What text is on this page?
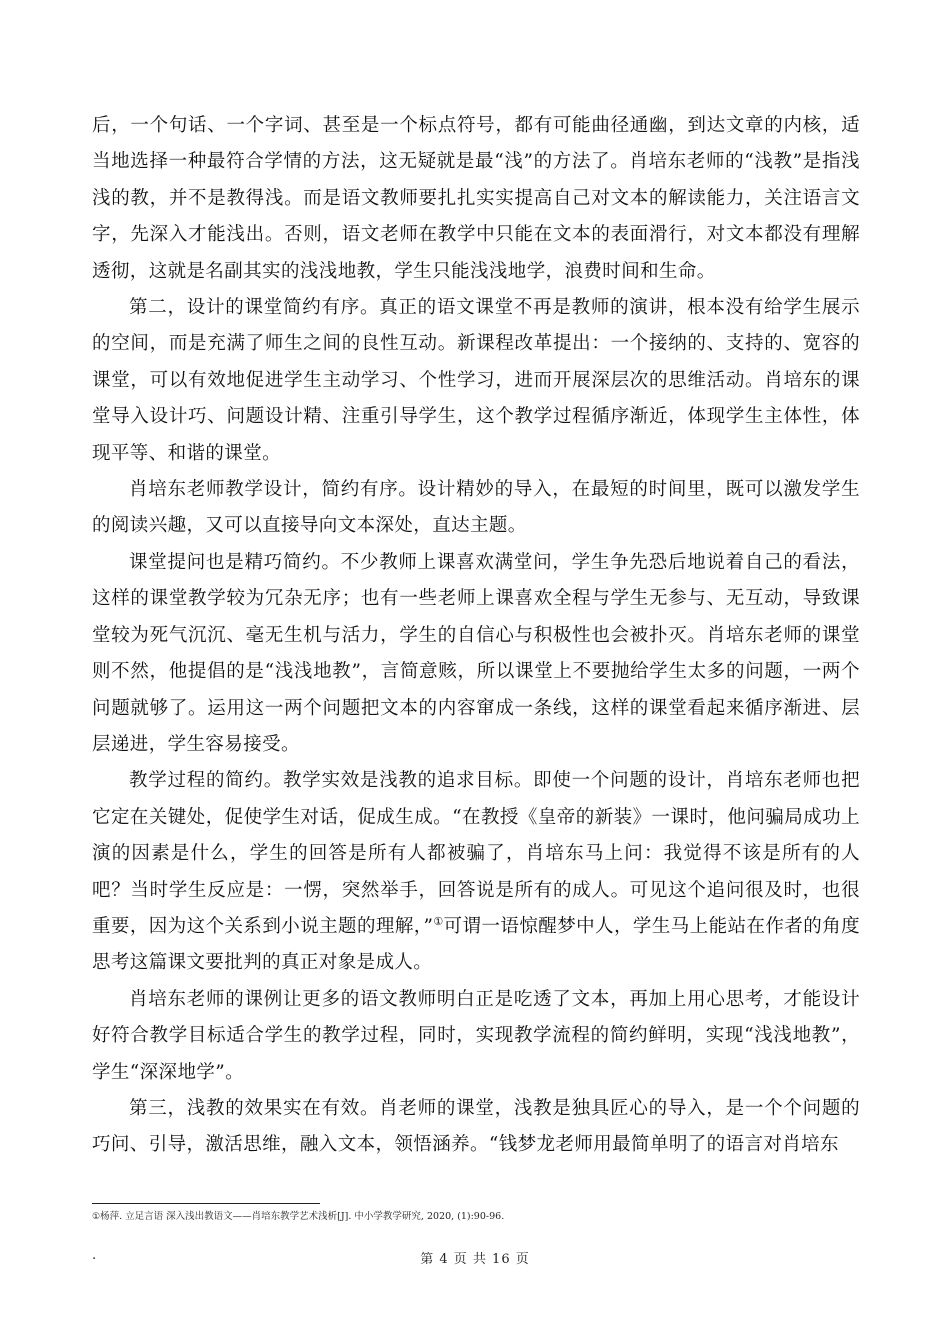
后，一个句话、一个字词、甚至是一个标点符号，都有可能曲径通幽，到达文章的内核，适当地选择一种最符合学情的方法，这无疑就是最“浅”的方法了。肖培东老师的“浅教”是指浅浅的教，并不是教得浅。而是语文教师要扎扎实实提高自己对文本的解读能力，关注语言文字，先深入才能浅出。否则，语文老师在教学中只能在文本的表面滑行，对文本都没有理解透彻，这就是名副其实的浅浅地教，学生只能浅浅地学，浪费时间和生命。

第二，设计的课堂简约有序。真正的语文课堂不再是教师的演讲，根本没有给学生展示的空间，而是充满了师生之间的良性互动。新课程改革提出：一个接纳的、支持的、宽容的课堂，可以有效地促进学生主动学习、个性学习，进而开展深层次的思维活动。肖培东的课堂导入设计巧、问题设计精、注重引导学生，这个教学过程循序渐近，体现学生主体性，体现平等、和谐的课堂。

肖培东老师教学设计，简约有序。设计精妙的导入，在最短的时间里，既可以激发学生的阅读兴趣，又可以直接导向文本深处，直达主题。

课堂提问也是精巧简约。不少教师上课喜欢满堂问，学生争先恐后地说着自己的看法，这样的课堂教学较为冗杂无序；也有一些老师上课喜欢全程与学生无参与、无互动，导致课堂较为死气沉沉、毫无生机与活力，学生的自信心与积极性也会被扑灭。肖培东老师的课堂则不然，他提倡的是“浅浅地教”，言简意赅，所以课堂上不要抛给学生太多的问题，一两个问题就够了。运用这一两个问题把文本的内容窜成一条线，这样的课堂看起来循序渐进、层层递进，学生容易接受。

教学过程的简约。教学实效是浅教的追求目标。即使一个问题的设计，肖培东老师也把它定在关键处，促使学生对话，促成生成。“在教授《皇帝的新装》一课时，他问骗局成功上演的因素是什么，学生的回答是所有人都被骗了，肖培东马上问：我觉得不该是所有的人吧？当时学生反应是：一愣，突然举手，回答说是所有的成人。可见这个追问很及时，也很重要，因为这个关系到小说主题的理解，”①可谓一语惊醒梦中人，学生马上能站在作者的角度思考这篇课文要批判的真正对象是成人。

肖培东老师的课例让更多的语文教师明白正是吃透了文本，再加上用心思考，才能设计好符合教学目标适合学生的教学过程，同时，实现教学流程的简约鲜明，实现“浅浅地教”，学生“深深地学”。

第三，浅教的效果实在有效。肖老师的课堂，浅教是独具匠心的导入，是一个个问题的巧问、引导，激活思维，融入文本，领悟涵养。“钱梦龙老师用最简单明了的语言对肖培东

①杨萍. 立足言语 深入浅出教语文——肖培东教学艺术浅析[J]. 中小学教学研究, 2020, (1):90-96.
.	第 4 页 共 16 页
